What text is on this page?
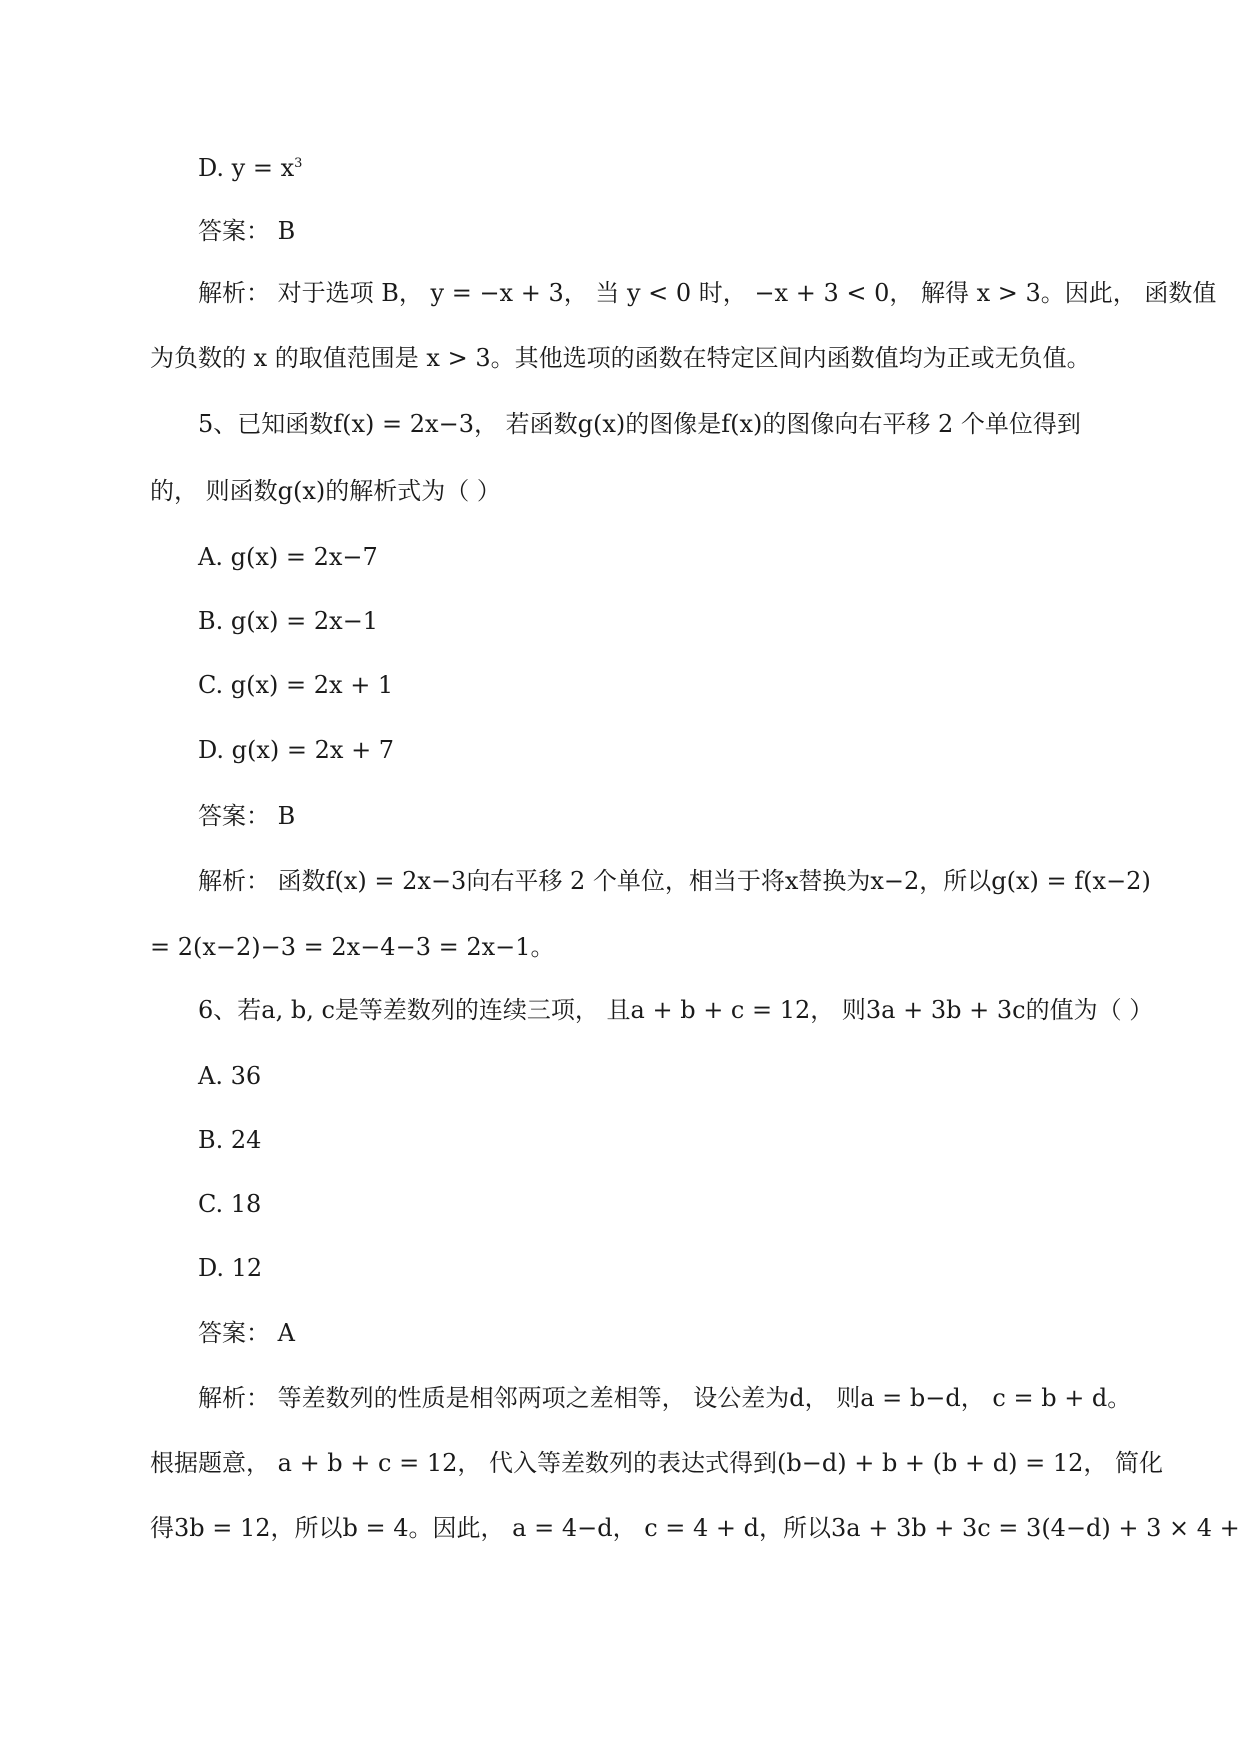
D. $y = x^3$
答案： B
解析： 对于选项 B， y = −x + 3， 当 y < 0 时， −x + 3 < 0， 解得 x > 3。因此， 函数值
为负数的 x 的取值范围是 x > 3。其他选项的函数在特定区间内函数值均为正或无负值。
5、已知函数f(x) = 2x−3， 若函数g(x)的图像是f(x)的图像向右平移 2 个单位得到
的， 则函数g(x)的解析式为（ ）
A. g(x) = 2x−7
B. g(x) = 2x−1
C. g(x) = 2x + 1
D. g(x) = 2x + 7
答案： B
解析： 函数f(x) = 2x−3向右平移 2 个单位，相当于将x替换为x−2，所以g(x) = f(x−2)
= 2(x−2)−3 = 2x−4−3 = 2x−1。
6、若a, b, c是等差数列的连续三项， 且a + b + c = 12， 则3a + 3b + 3c的值为（ ）
A. 36
B. 24
C. 18
D. 12
答案： A
解析： 等差数列的性质是相邻两项之差相等， 设公差为d， 则a = b−d， c = b + d。
根据题意， a + b + c = 12， 代入等差数列的表达式得到(b−d) + b + (b + d) = 12， 简化
得3b = 12，所以b = 4。因此， a = 4−d， c = 4 + d，所以3a + 3b + 3c = 3(4−d) + 3 × 4 +
